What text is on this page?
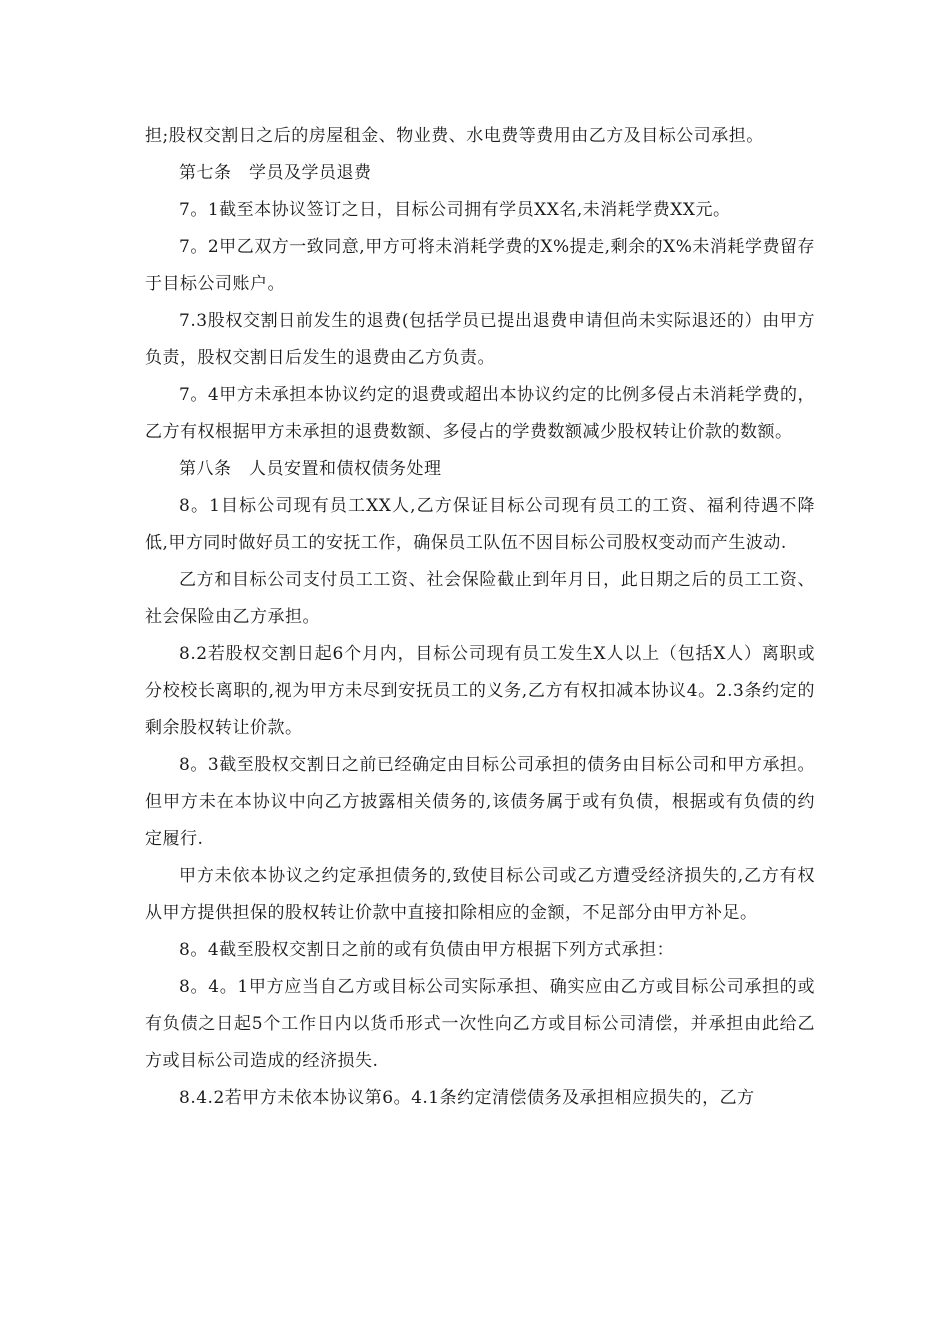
担;股权交割日之后的房屋租金、物业费、水电费等费用由乙方及目标公司承担。

第七条　学员及学员退费

7。1截至本协议签订之日，目标公司拥有学员XX名,未消耗学费XX元。

7。2甲乙双方一致同意,甲方可将未消耗学费的X%提走,剩余的X%未消耗学费留存于目标公司账户。

7.3股权交割日前发生的退费(包括学员已提出退费申请但尚未实际退还的）由甲方负责，股权交割日后发生的退费由乙方负责。

7。4甲方未承担本协议约定的退费或超出本协议约定的比例多侵占未消耗学费的，乙方有权根据甲方未承担的退费数额、多侵占的学费数额减少股权转让价款的数额。

第八条　人员安置和债权债务处理

8。1目标公司现有员工XX人,乙方保证目标公司现有员工的工资、福利待遇不降低,甲方同时做好员工的安抚工作，确保员工队伍不因目标公司股权变动而产生波动.

乙方和目标公司支付员工工资、社会保险截止到年月日，此日期之后的员工工资、社会保险由乙方承担。

8.2若股权交割日起6个月内，目标公司现有员工发生X人以上（包括X人）离职或分校校长离职的,视为甲方未尽到安抚员工的义务,乙方有权扣减本协议4。2.3条约定的剩余股权转让价款。

8。3截至股权交割日之前已经确定由目标公司承担的债务由目标公司和甲方承担。但甲方未在本协议中向乙方披露相关债务的,该债务属于或有负债，根据或有负债的约定履行.

甲方未依本协议之约定承担债务的,致使目标公司或乙方遭受经济损失的,乙方有权从甲方提供担保的股权转让价款中直接扣除相应的金额，不足部分由甲方补足。

8。4截至股权交割日之前的或有负债由甲方根据下列方式承担：

8。4。1甲方应当自乙方或目标公司实际承担、确实应由乙方或目标公司承担的或有负债之日起5个工作日内以货币形式一次性向乙方或目标公司清偿，并承担由此给乙方或目标公司造成的经济损失.

8.4.2若甲方未依本协议第6。4.1条约定清偿债务及承担相应损失的，乙方
